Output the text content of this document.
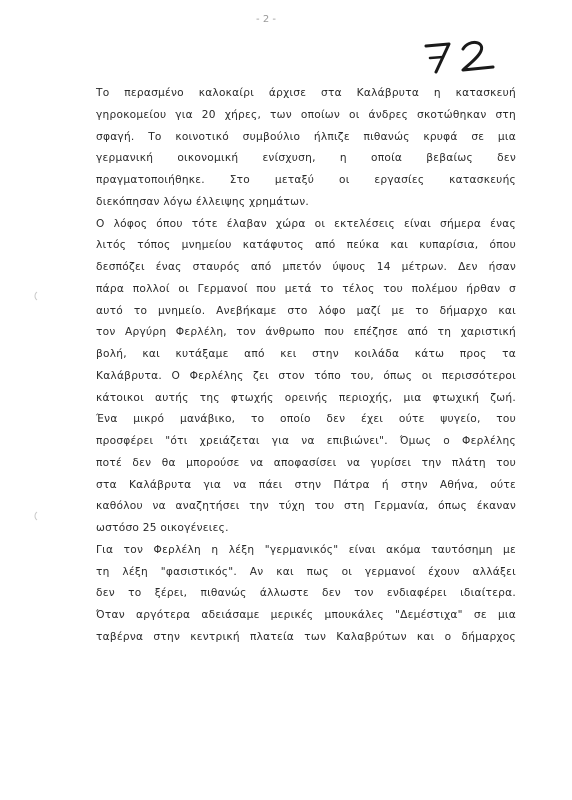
- 2 -
Το περασμένο καλοκαίρι άρχισε στα Καλάβρυτα η κατασκευή
γηροκομείου για 20 χήρες, των οποίων οι άνδρες σκοτώθηκαν στη
σφαγή. Το κοινοτικό συμβούλιο ήλπιζε πιθανώς κρυφά σε μια
γερμανική οικονομική ενίσχυση, η οποία βεβαίως δεν
πραγματοποιήθηκε. Στο μεταξύ οι εργασίες κατασκευής
διεκόπησαν λόγω έλλειψης χρημάτων.
Ο λόφος όπου τότε έλαβαν χώρα οι εκτελέσεις είναι σήμερα ένας
λιτός τόπος μνημείου κατάφυτος από πεύκα και κυπαρίσια, όπου
δεσπόζει ένας σταυρός από μπετόν ύψους 14 μέτρων. Δεν ήσαν
πάρα πολλοί οι Γερμανοί που μετά το τέλος του πολέμου ήρθαν σ
αυτό το μνημείο. Ανεβήκαμε στο λόφο μαζί με το δήμαρχο και
τον Αργύρη Φερλέλη, τον άνθρωπο που επέζησε από τη χαριστική
βολή, και κυτάξαμε από κει στην κοιλάδα κάτω προς τα
Καλάβρυτα. Ο Φερλέλης ζει στον τόπο του, όπως οι περισσότεροι
κάτοικοι αυτής της φτωχής ορεινής περιοχής, μια φτωχική ζωή.
Ένα μικρό μανάβικο, το οποίο δεν έχει ούτε ψυγείο, του
προσφέρει "ότι χρειάζεται για να επιβιώνει". Όμως ο Φερλέλης
ποτέ δεν θα μπορούσε να αποφασίσει να γυρίσει την πλάτη του
στα Καλάβρυτα για να πάει στην Πάτρα ή στην Αθήνα, ούτε
καθόλου να αναζητήσει την τύχη του στη Γερμανία, όπως έκαναν
ωστόσο 25 οικογένειες.
Για τον Φερλέλη η λέξη "γερμανικός" είναι ακόμα ταυτόσημη με
τη λέξη "φασιστικός". Αν και πως οι γερμανοί έχουν αλλάξει
δεν το ξέρει, πιθανώς άλλωστε δεν τον ενδιαφέρει ιδιαίτερα.
Όταν αργότερα αδειάσαμε μερικές μπουκάλες "Δεμέστιχα" σε μια
ταβέρνα στην κεντρική πλατεία των Καλαβρύτων και ο δήμαρχος
